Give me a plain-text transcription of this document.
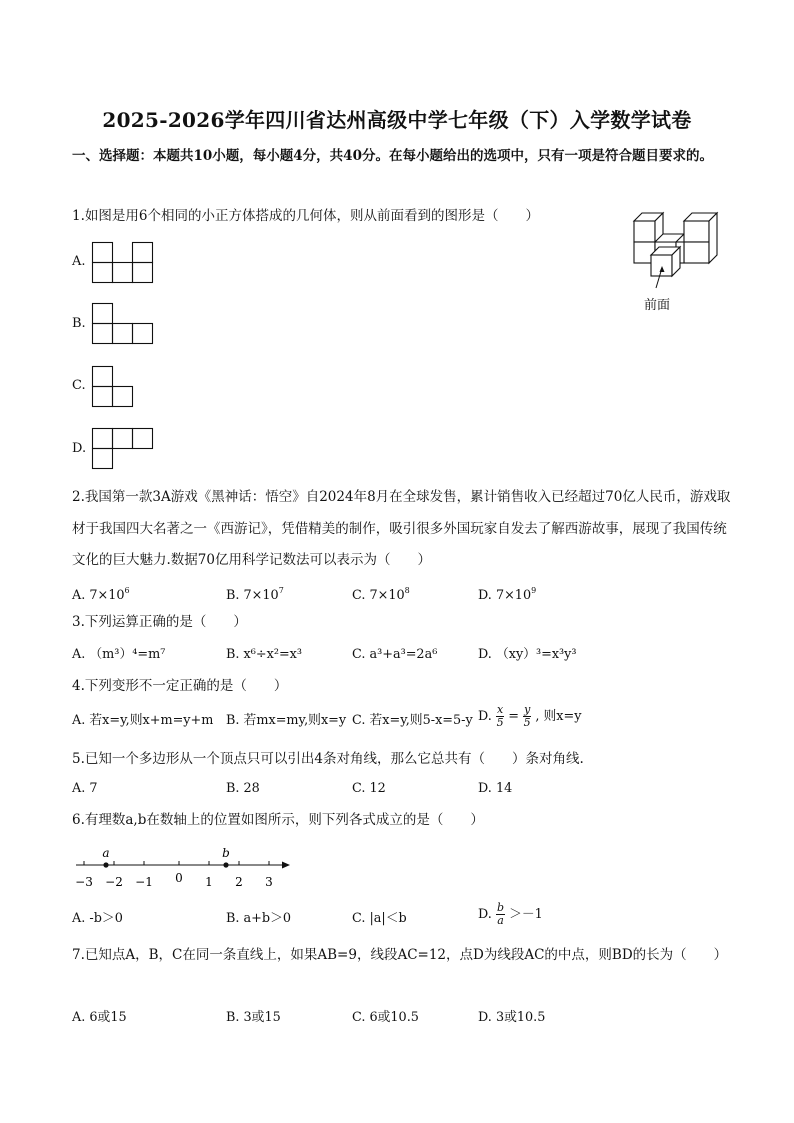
2025-2026学年四川省达州高级中学七年级（下）入学数学试卷
一、选择题：本题共10小题，每小题4分，共40分。在每小题给出的选项中，只有一项是符合题目要求的。
1.如图是用6个相同的小正方体搭成的几何体，则从前面看到的图形是（　　）
前面
A.
B.
C.
D.
2.我国第一款3A游戏《黑神话：悟空》自2024年8月在全球发售，累计销售收入已经超过70亿人民币，游戏取材于我国四大名著之一《西游记》，凭借精美的制作，吸引很多外国玩家自发去了解西游故事，展现了我国传统文化的巨大魅力.数据70亿用科学记数法可以表示为（　　）
A. $7\times 10^6$	B. $7\times 10^7$	C. $7\times 10^8$	D. $7\times 10^9$
3.下列运算正确的是（　　）
A. （m³）⁴=m⁷	B. x⁶÷x²=x³	C. a³+a³=2a⁶	D. （xy）³=x³y³
4.下列变形不一定正确的是（　　）
A. 若x=y,则x+m=y+m B. 若mx=my,则x=y C. 若x=y,则5-x=5-y D. $\frac{x}{5} = \frac{y}{5}$ , 则x=y
5.已知一个多边形从一个顶点只可以引出4条对角线，那么它总共有（　　）条对角线.
A. 7	B. 28	C. 12	D. 14
6.有理数a,b在数轴上的位置如图所示，则下列各式成立的是（　　）
a	b
−3 −2 −1 0 1 2 3
A. -b＞0	B. a+b＞0	C. |a|＜b	D. $\frac{b}{a} >-1$
7.已知点A，B，C在同一条直线上，如果AB=9，线段AC=12，点D为线段AC的中点，则BD的长为（　　）
A. 6或15	B. 3或15	C. 6或10.5	D. 3或10.5
